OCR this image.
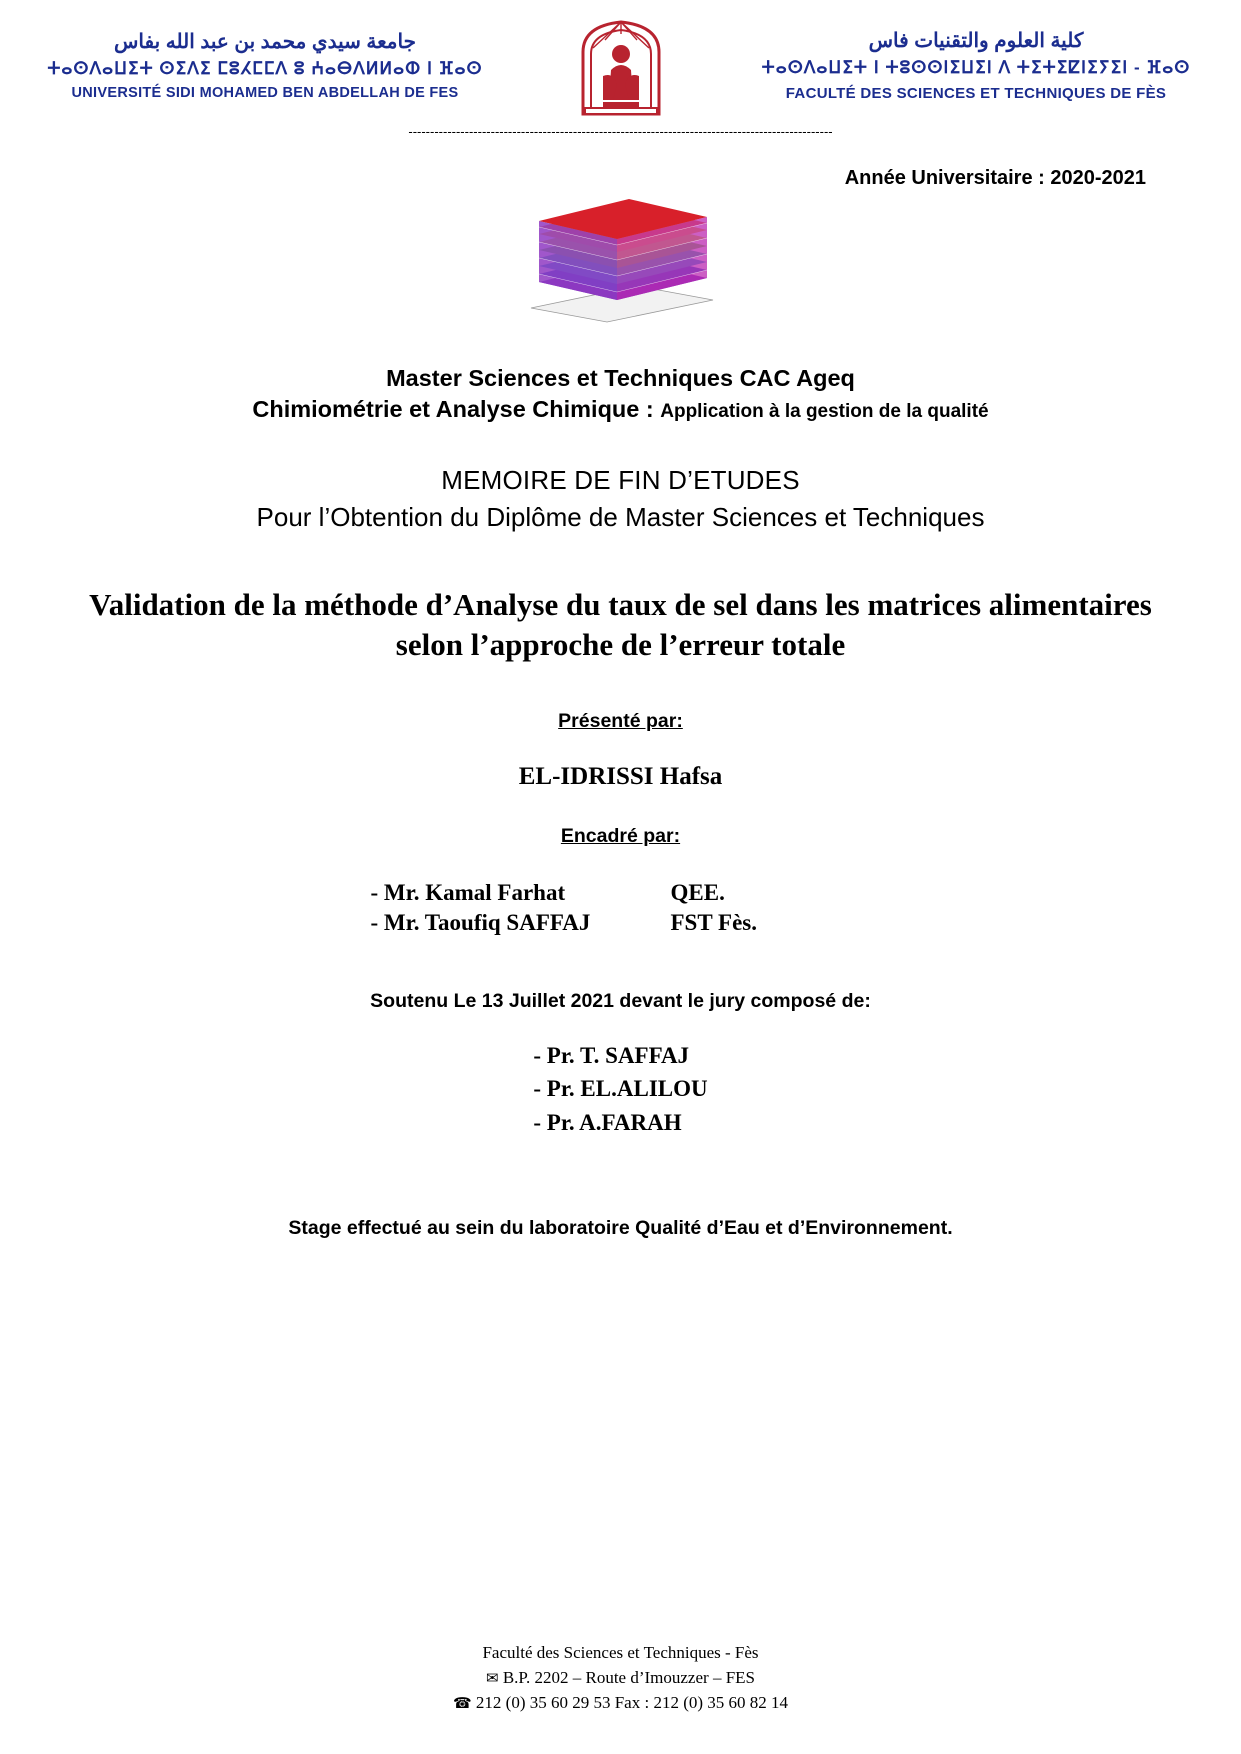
جامعة سيدي محمد بن عبد الله بفاس
ⵜⴰⵙⴷⴰⵡⵉⵜ ⵙⵉⴷⵉ ⵎⵓⵃⵎⵎⴷ ⵓ ⵄⴰⴱⴷⵍⵍⴰⵀ ⵏ ⴼⴰⵙ
UNIVERSITÉ SIDI MOHAMED BEN ABDELLAH DE FES
كلية العلوم والتقنيات فاس
ⵜⴰⵙⴷⴰⵡⵉⵜ ⵏ ⵜⵓⵙⵙⵏⵉⵡⵉⵏ ⴷ ⵜⵉⵜⵉⵇⵏⵉⵢⵉⵏ - ⴼⴰⵙ
FACULTÉ DES SCIENCES ET TECHNIQUES DE FÈS
--------------------------------------------------------------------------------------------------
Année Universitaire : 2020-2021
Master Sciences et Techniques CAC Ageq
Chimiométrie et Analyse Chimique : Application à la gestion de la qualité
MEMOIRE DE FIN D’ETUDES
Pour l’Obtention du Diplôme de Master Sciences et Techniques
Validation de la méthode d’Analyse du taux de sel dans les matrices alimentaires selon l’approche de l’erreur totale
Présenté par:
EL-IDRISSI Hafsa
Encadré par:
- Mr. Kamal Farhat	QEE.
- Mr. Taoufiq SAFFAJ	FST Fès.
Soutenu Le 13 Juillet 2021 devant le jury composé de:
- Pr. T. SAFFAJ
- Pr. EL.ALILOU
- Pr. A.FARAH
Stage effectué au sein du laboratoire Qualité d’Eau et d’Environnement.
Faculté des Sciences et Techniques - Fès
✉ B.P. 2202 – Route d’Imouzzer – FES
☎ 212 (0) 35 60 29 53 Fax : 212 (0) 35 60 82 14
